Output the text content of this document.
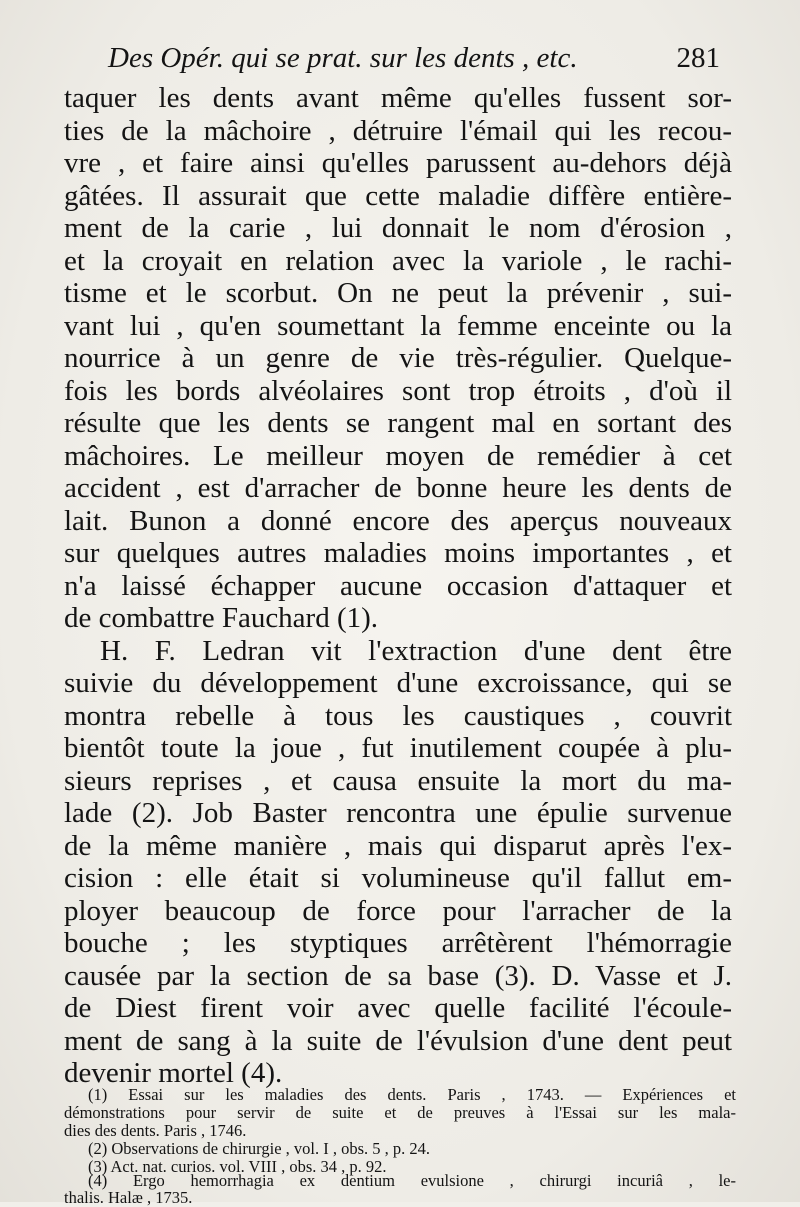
Des Opér. qui se prat. sur les dents , etc.	281
taquer les dents avant même qu'elles fussent sor-
ties de la mâchoire , détruire l'émail qui les recou-
vre , et faire ainsi qu'elles parussent au-dehors déjà
gâtées. Il assurait que cette maladie diffère entière-
ment de la carie , lui donnait le nom d'érosion ,
et la croyait en relation avec la variole , le rachi-
tisme et le scorbut. On ne peut la prévenir , sui-
vant lui , qu'en soumettant la femme enceinte ou la
nourrice à un genre de vie très-régulier. Quelque-
fois les bords alvéolaires sont trop étroits , d'où il
résulte que les dents se rangent mal en sortant des
mâchoires. Le meilleur moyen de remédier à cet
accident , est d'arracher de bonne heure les dents de
lait. Bunon a donné encore des aperçus nouveaux
sur quelques autres maladies moins importantes , et
n'a laissé échapper aucune occasion d'attaquer et
de combattre Fauchard (1).
H. F. Ledran vit l'extraction d'une dent être
suivie du développement d'une excroissance, qui se
montra rebelle à tous les caustiques , couvrit
bientôt toute la joue , fut inutilement coupée à plu-
sieurs reprises , et causa ensuite la mort du ma-
lade (2). Job Baster rencontra une épulie survenue
de la même manière , mais qui disparut après l'ex-
cision : elle était si volumineuse qu'il fallut em-
ployer beaucoup de force pour l'arracher de la
bouche ; les styptiques arrêtèrent l'hémorragie
causée par la section de sa base (3). D. Vasse et J.
de Diest firent voir avec quelle facilité l'écoule-
ment de sang à la suite de l'évulsion d'une dent peut
devenir mortel (4).
(1) Essai sur les maladies des dents. Paris , 1743. — Expériences et
démonstrations pour servir de suite et de preuves à l'Essai sur les mala-
dies des dents. Paris , 1746.
(2) Observations de chirurgie , vol. I , obs. 5 , p. 24.
(3) Act. nat. curios. vol. VIII , obs. 34 , p. 92.
(4) Ergo hemorrhagia ex dentium evulsione , chirurgi incuriâ , le-
thalis. Halæ , 1735.
